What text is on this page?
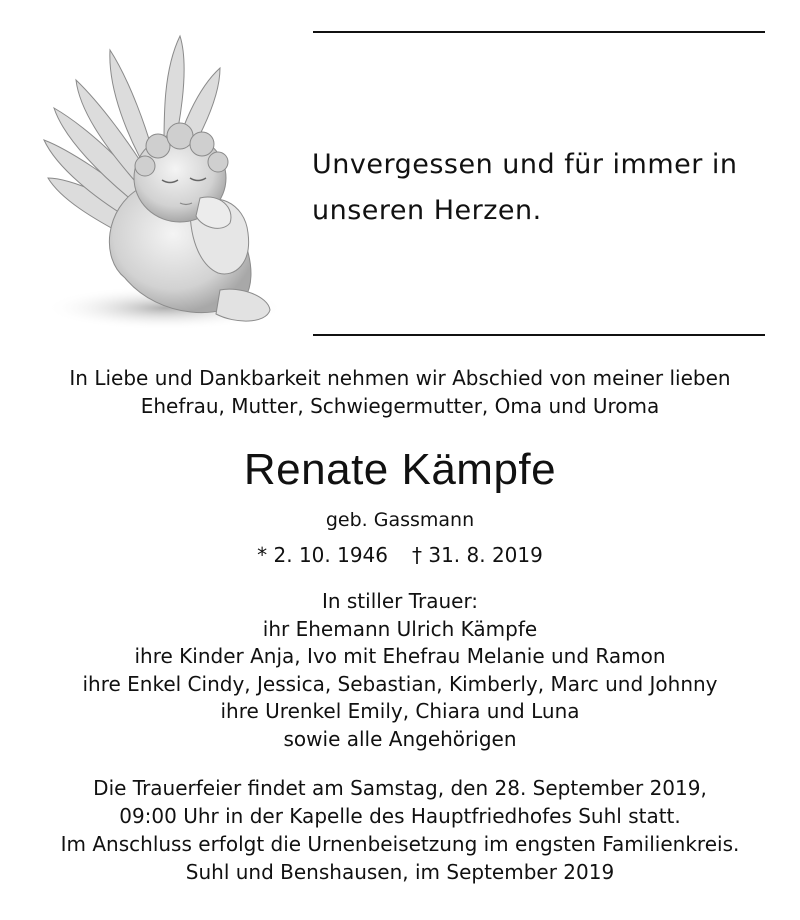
Unvergessen und für immer in
unseren Herzen.
In Liebe und Dankbarkeit nehmen wir Abschied von meiner lieben
Ehefrau, Mutter, Schwiegermutter, Oma und Uroma
Renate Kämpfe
geb. Gassmann
* 2. 10. 1946 † 31. 8. 2019
In stiller Trauer:
ihr Ehemann Ulrich Kämpfe
ihre Kinder Anja, Ivo mit Ehefrau Melanie und Ramon
ihre Enkel Cindy, Jessica, Sebastian, Kimberly, Marc und Johnny
ihre Urenkel Emily, Chiara und Luna
sowie alle Angehörigen
Die Trauerfeier findet am Samstag, den 28. September 2019,
09:00 Uhr in der Kapelle des Hauptfriedhofes Suhl statt.
Im Anschluss erfolgt die Urnenbeisetzung im engsten Familienkreis.
Suhl und Benshausen, im September 2019
